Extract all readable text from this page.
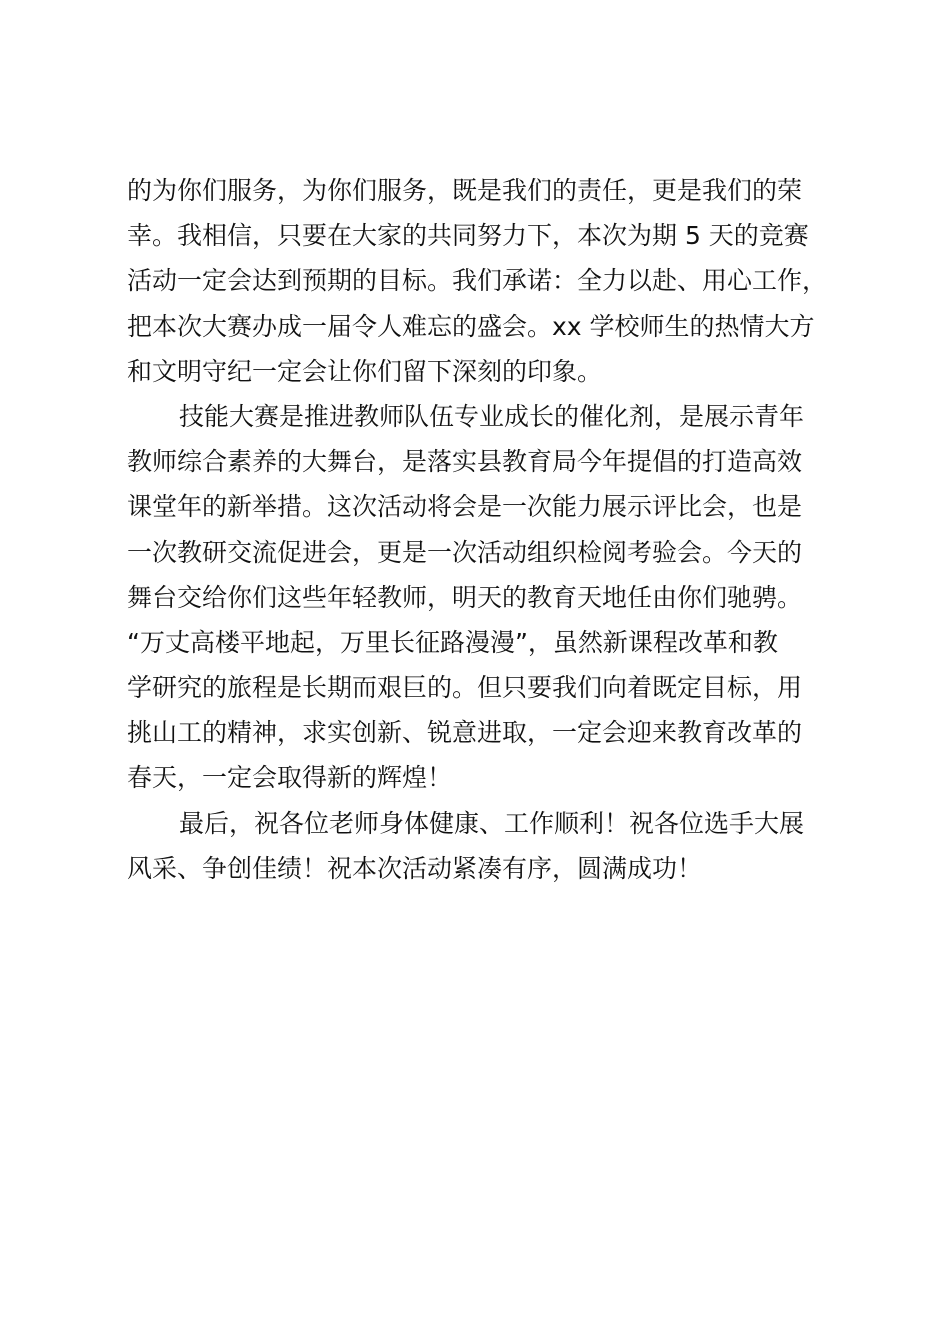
的为你们服务，为你们服务，既是我们的责任，更是我们的荣
幸。我相信，只要在大家的共同努力下，本次为期 5 天的竞赛
活动一定会达到预期的目标。我们承诺：全力以赴、用心工作，
把本次大赛办成一届令人难忘的盛会。xx 学校师生的热情大方
和文明守纪一定会让你们留下深刻的印象。
技能大赛是推进教师队伍专业成长的催化剂，是展示青年
教师综合素养的大舞台，是落实县教育局今年提倡的打造高效
课堂年的新举措。这次活动将会是一次能力展示评比会，也是
一次教研交流促进会，更是一次活动组织检阅考验会。今天的
舞台交给你们这些年轻教师，明天的教育天地任由你们驰骋。
“万丈高楼平地起，万里长征路漫漫”，虽然新课程改革和教
学研究的旅程是长期而艰巨的。但只要我们向着既定目标，用
挑山工的精神，求实创新、锐意进取，一定会迎来教育改革的
春天，一定会取得新的辉煌！
最后，祝各位老师身体健康、工作顺利！祝各位选手大展
风采、争创佳绩！祝本次活动紧凑有序，圆满成功！
